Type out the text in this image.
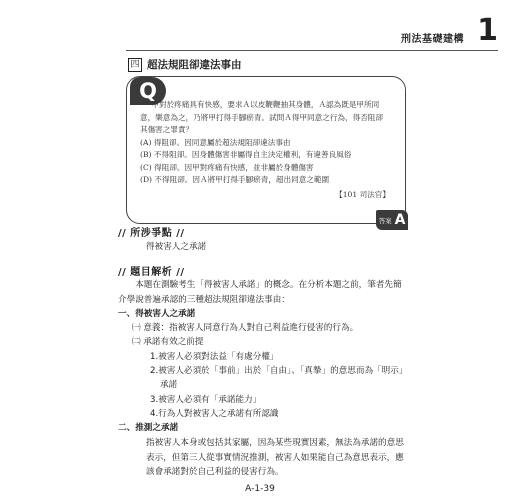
刑法基礎建構 1
四 超法規阻卻違法事由
Q

甲對於疼痛具有快感，要求Ａ以皮鞭鞭抽其身體，Ａ認為既是甲所同意，樂意為之，乃將甲打得手腳瘀青。試問Ａ得甲同意之行為，得否阻卻其傷害之罪責？

(A) 得阻卻。因同意屬於超法規阻卻違法事由
(B) 不得阻卻。因身體傷害非屬得自主決定權利，有違善良風俗
(C) 得阻卻。因甲對疼痛有快感，並非屬於身體傷害
(D) 不得阻卻。因Ａ將甲打得手腳瘀青，超出同意之範圍
【101 司法官】
答案 A
// 所涉爭點 //
得被害人之承諾
// 題目解析 //
本題在測驗考生「得被害人承諾」的概念。在分析本題之前，筆者先簡介學說普遍承認的三種超法規阻卻違法事由：
一、得被害人之承諾
㈠ 意義：指被害人同意行為人對自己利益進行侵害的行為。
㈡ 承諾有效之前提
1.被害人必須對法益「有處分權」
2.被害人必須於「事前」出於「自由」、「真摯」的意思而為「明示」
承諾
3.被害人必須有「承諾能力」
4.行為人對被害人之承諾有所認識
二、推測之承諾
指被害人本身或包括其家屬，因為某些現實因素，無法為承諾的意思表示，但第三人從事實情況推測，被害人如果能自己為意思表示，應該會承諾對於自己利益的侵害行為。
A-1-39
